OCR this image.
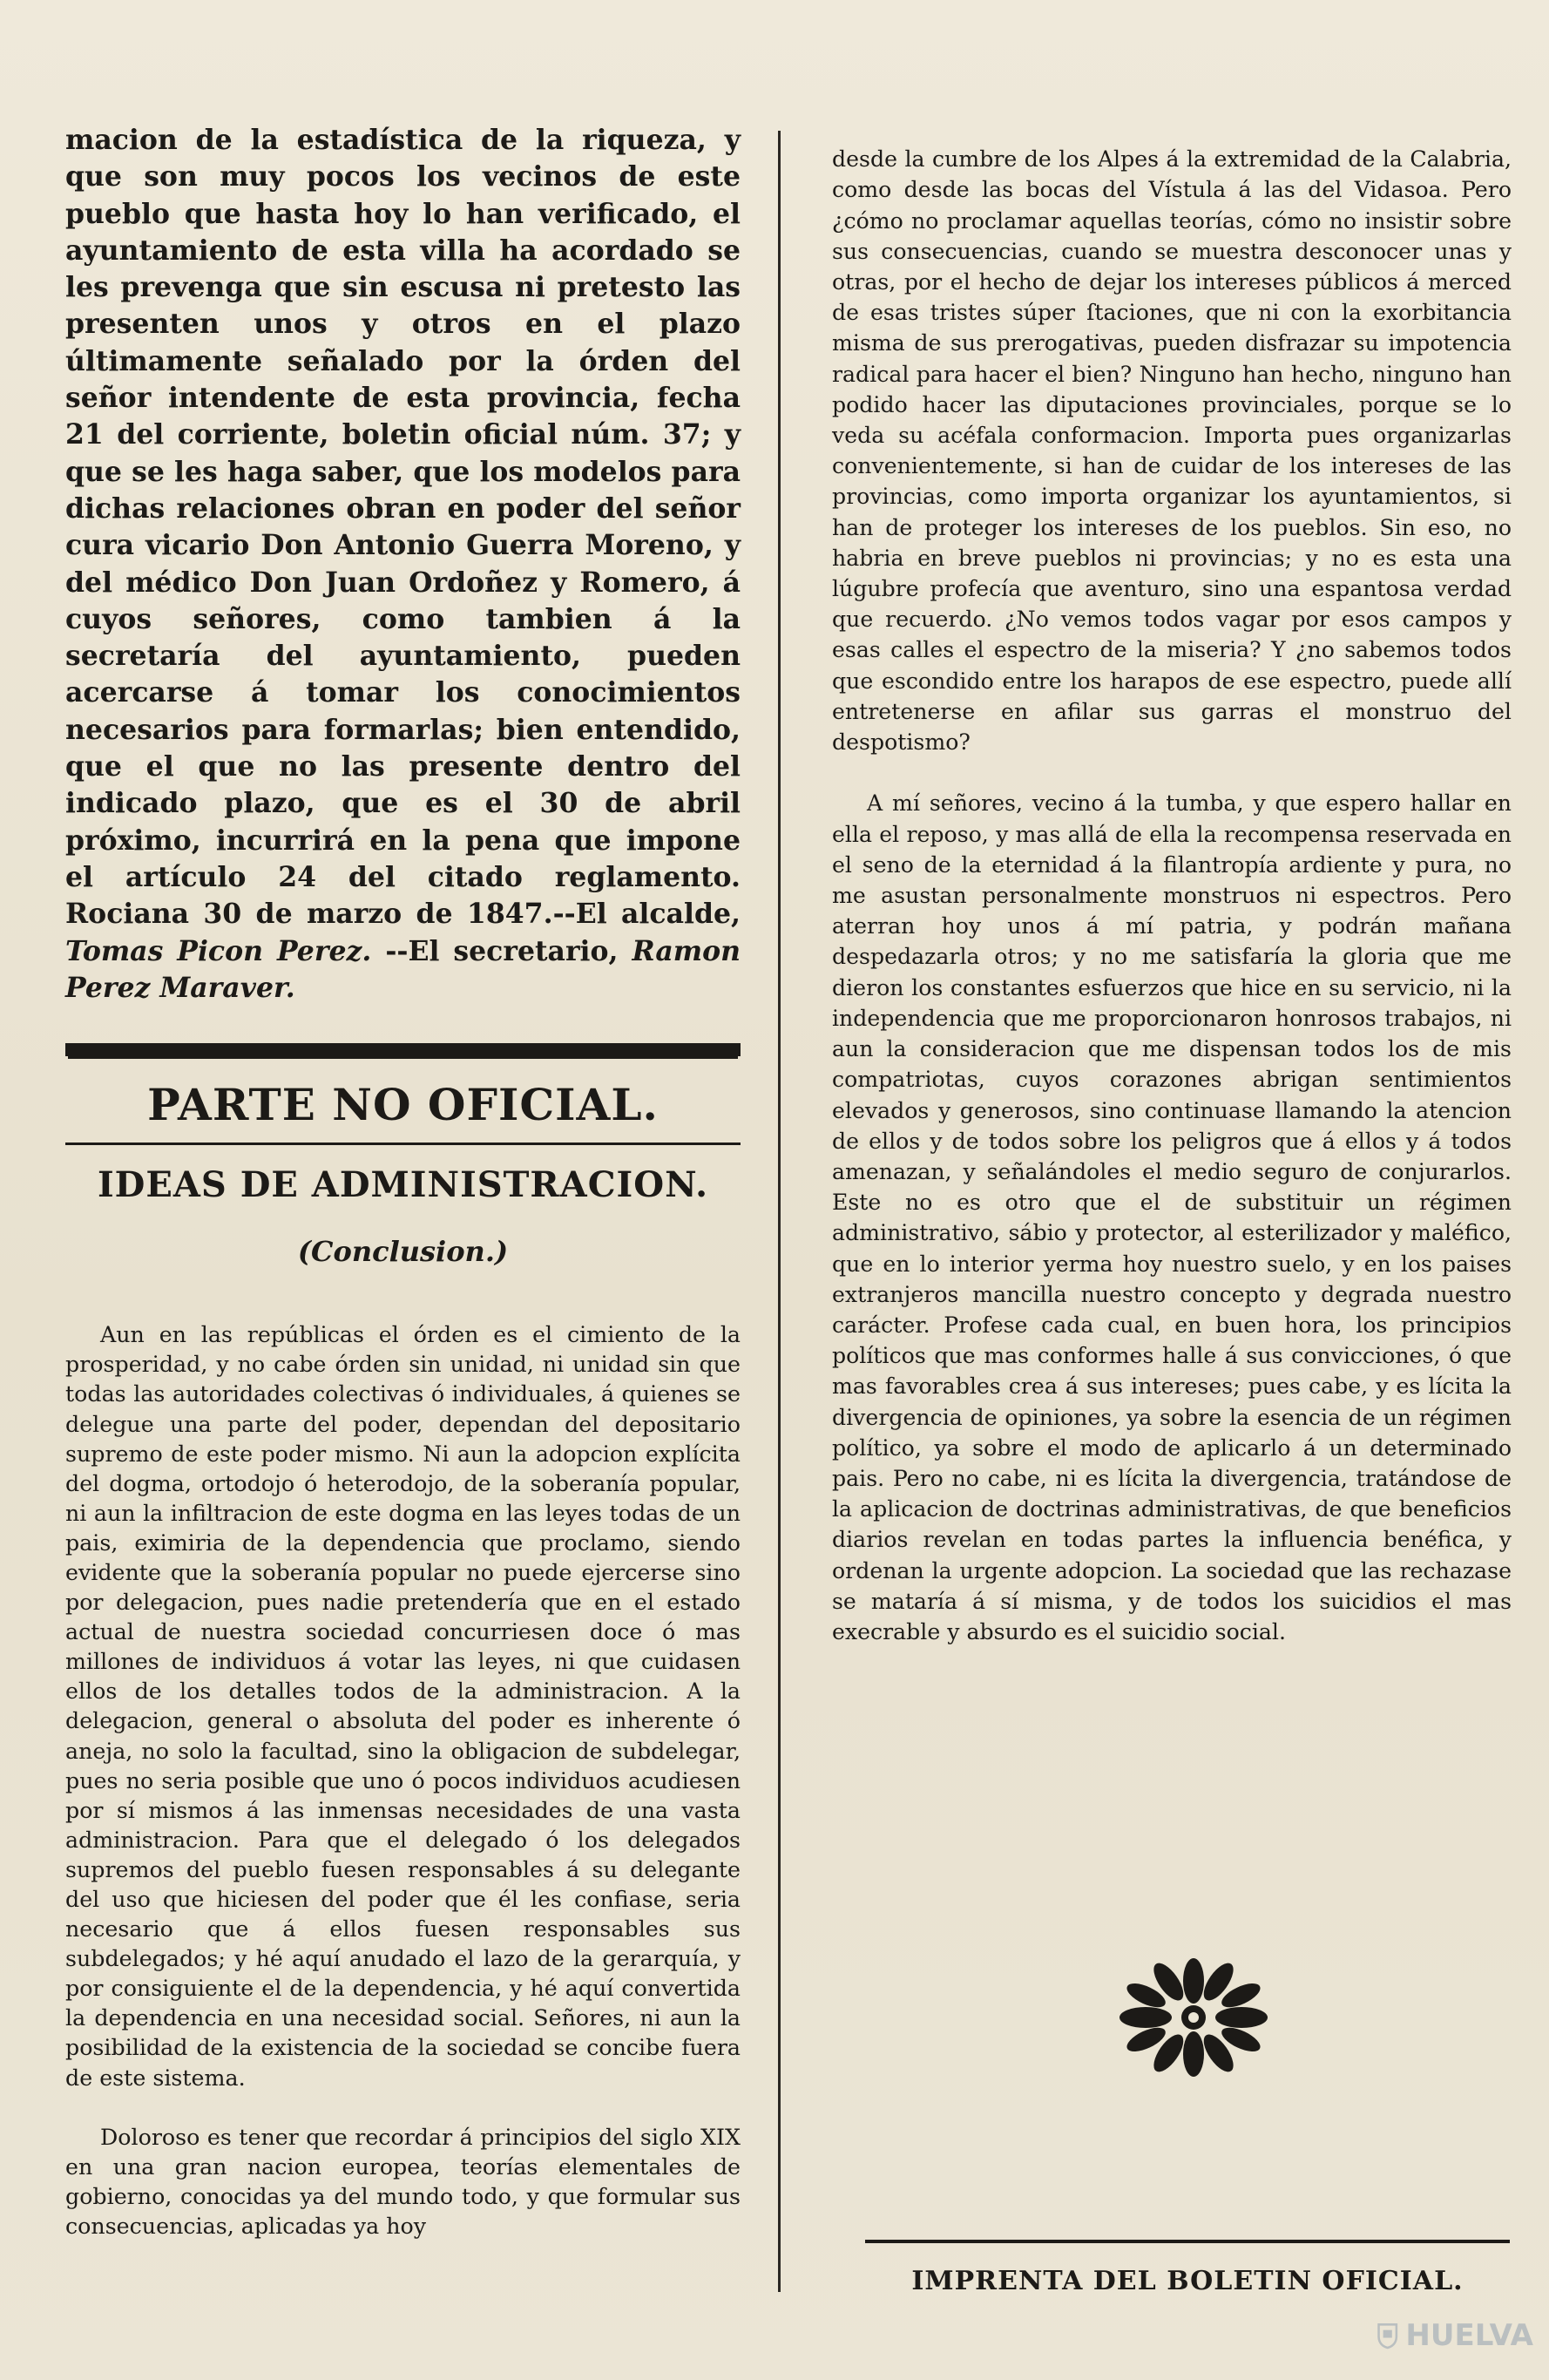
macion de la estadística de la riqueza, y que son muy pocos los vecinos de este pueblo que hasta hoy lo han verificado, el ayuntamiento de esta villa ha acordado se les prevenga que sin escusa ni pretesto las presenten unos y otros en el plazo últimamente señalado por la órden del señor intendente de esta provincia, fecha 21 del corriente, boletin oficial núm. 37; y que se les haga saber, que los modelos para dichas relaciones obran en poder del señor cura vicario Don Antonio Guerra Moreno, y del médico Don Juan Ordoñez y Romero, á cuyos señores, como tambien á la secretaría del ayuntamiento, pueden acercarse á tomar los conocimientos necesarios para formarlas; bien entendido, que el que no las presente dentro del indicado plazo, que es el 30 de abril próximo, incurrirá en la pena que impone el artículo 24 del citado reglamento. Rociana 30 de marzo de 1847.--El alcalde, Tomas Picon Perez. --El secretario, Ramon Perez Maraver.

PARTE NO OFICIAL.
IDEAS DE ADMINISTRACION.
(Conclusion.)

Aun en las repúblicas el órden es el cimiento de la prosperidad, y no cabe órden sin unidad, ni unidad sin que todas las autoridades colectivas ó individuales, á quienes se delegue una parte del poder, dependan del depositario supremo de este poder mismo. Ni aun la adopcion explícita del dogma, ortodojo ó heterodojo, de la soberanía popular, ni aun la infiltracion de este dogma en las leyes todas de un pais, eximiria de la dependencia que proclamo, siendo evidente que la soberanía popular no puede ejercerse sino por delegacion, pues nadie pretendería que en el estado actual de nuestra sociedad concurriesen doce ó mas millones de individuos á votar las leyes, ni que cuidasen ellos de los detalles todos de la administracion. A la delegacion, general o absoluta del poder es inherente ó aneja, no solo la facultad, sino la obligacion de subdelegar, pues no seria posible que uno ó pocos individuos acudiesen por sí mismos á las inmensas necesidades de una vasta administracion. Para que el delegado ó los delegados supremos del pueblo fuesen responsables á su delegante del uso que hiciesen del poder que él les confiase, seria necesario que á ellos fuesen responsables sus subdelegados; y hé aquí anudado el lazo de la gerarquía, y por consiguiente el de la dependencia, y hé aquí convertida la dependencia en una necesidad social. Señores, ni aun la posibilidad de la existencia de la sociedad se concibe fuera de este sistema.

Doloroso es tener que recordar á principios del siglo XIX en una gran nacion europea, teorías elementales de gobierno, conocidas ya del mundo todo, y que formular sus consecuencias, aplicadas ya hoy

desde la cumbre de los Alpes á la extremidad de la Calabria, como desde las bocas del Vístula á las del Vidasoa. Pero ¿cómo no proclamar aquellas teorías, cómo no insistir sobre sus consecuencias, cuando se muestra desconocer unas y otras, por el hecho de dejar los intereses públicos á merced de esas tristes súper ſtaciones, que ni con la exorbitancia misma de sus prerogativas, pueden disfrazar su impotencia radical para hacer el bien? Ninguno han hecho, ninguno han podido hacer las diputaciones provinciales, porque se lo veda su acéfala conformacion. Importa pues organizarlas convenientemente, si han de cuidar de los intereses de las provincias, como importa organizar los ayuntamientos, si han de proteger los intereses de los pueblos. Sin eso, no habria en breve pueblos ni provincias; y no es esta una lúgubre profecía que aventuro, sino una espantosa verdad que recuerdo. ¿No vemos todos vagar por esos campos y esas calles el espectro de la miseria? Y ¿no sabemos todos que escondido entre los harapos de ese espectro, puede allí entretenerse en afilar sus garras el monstruo del despotismo?

A mí señores, vecino á la tumba, y que espero hallar en ella el reposo, y mas allá de ella la recompensa reservada en el seno de la eternidad á la filantropía ardiente y pura, no me asustan personalmente monstruos ni espectros. Pero aterran hoy unos á mí patria, y podrán mañana despedazarla otros; y no me satisfaría la gloria que me dieron los constantes esfuerzos que hice en su servicio, ni la independencia que me proporcionaron honrosos trabajos, ni aun la consideracion que me dispensan todos los de mis compatriotas, cuyos corazones abrigan sentimientos elevados y generosos, sino continuase llamando la atencion de ellos y de todos sobre los peligros que á ellos y á todos amenazan, y señalándoles el medio seguro de conjurarlos. Este no es otro que el de substituir un régimen administrativo, sábio y protector, al esterilizador y maléfico, que en lo interior yerma hoy nuestro suelo, y en los paises extranjeros mancilla nuestro concepto y degrada nuestro carácter. Profese cada cual, en buen hora, los principios políticos que mas conformes halle á sus convicciones, ó que mas favorables crea á sus intereses; pues cabe, y es lícita la divergencia de opiniones, ya sobre la esencia de un régimen político, ya sobre el modo de aplicarlo á un determinado pais. Pero no cabe, ni es lícita la divergencia, tratándose de la aplicacion de doctrinas administrativas, de que beneficios diarios revelan en todas partes la influencia benéfica, y ordenan la urgente adopcion. La sociedad que las rechazase se mataría á sí misma, y de todos los suicidios el mas execrable y absurdo es el suicidio social.

IMPRENTA DEL BOLETIN OFICIAL.
HUELVA
